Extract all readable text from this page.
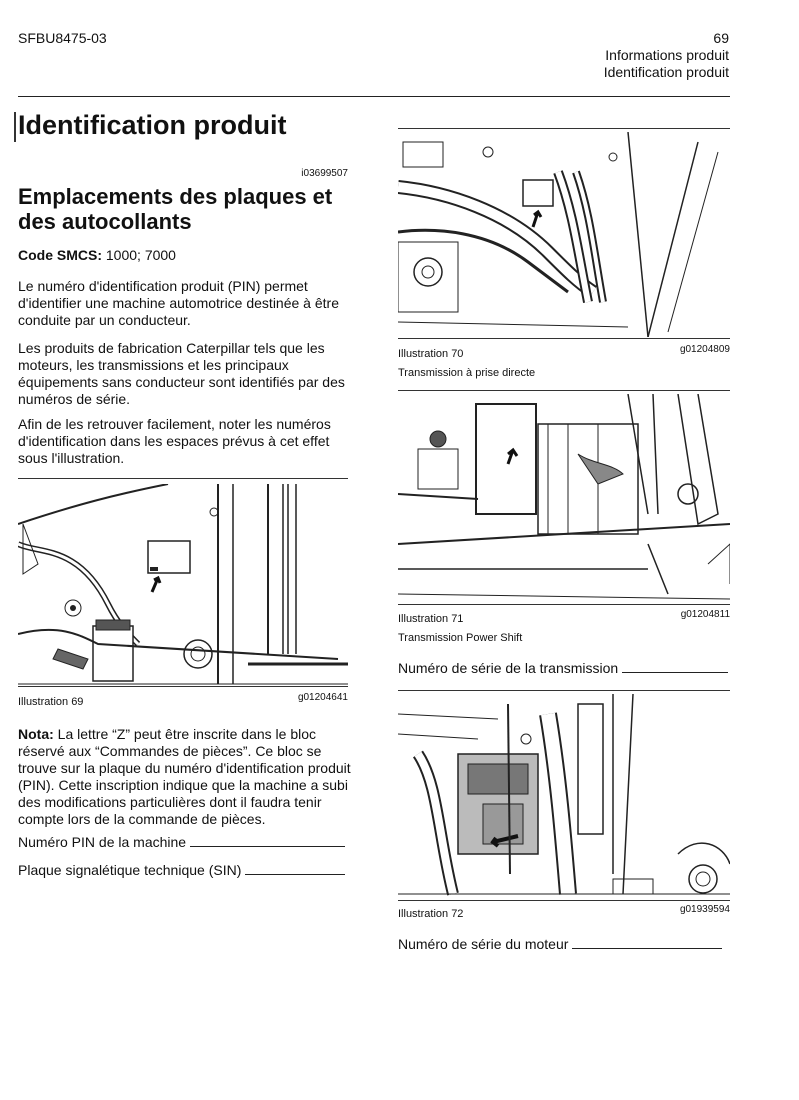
SFBU8475-03	69
Informations produit
Identification produit
Identification produit
i03699507
Emplacements des plaques et des autocollants
Code SMCS: 1000; 7000
Le numéro d'identification produit (PIN) permet d'identifier une machine automotrice destinée à être conduite par un conducteur.
Les produits de fabrication Caterpillar tels que les moteurs, les transmissions et les principaux équipements sans conducteur sont identifiés par des numéros de série.
Afin de les retrouver facilement, noter les numéros d'identification dans les espaces prévus à cet effet sous l'illustration.
Illustration 69	g01204641
Nota: La lettre “Z” peut être inscrite dans le bloc réservé aux “Commandes de pièces”. Ce bloc se trouve sur la plaque du numéro d'identification produit (PIN). Cette inscription indique que la machine a subi des modifications particulières dont il faudra tenir compte lors de la commande de pièces.
Numéro PIN de la machine
Plaque signalétique technique (SIN)
Illustration 70	g01204809
Transmission à prise directe
Illustration 71	g01204811
Transmission Power Shift
Numéro de série de la transmission
Illustration 72	g01939594
Numéro de série du moteur
